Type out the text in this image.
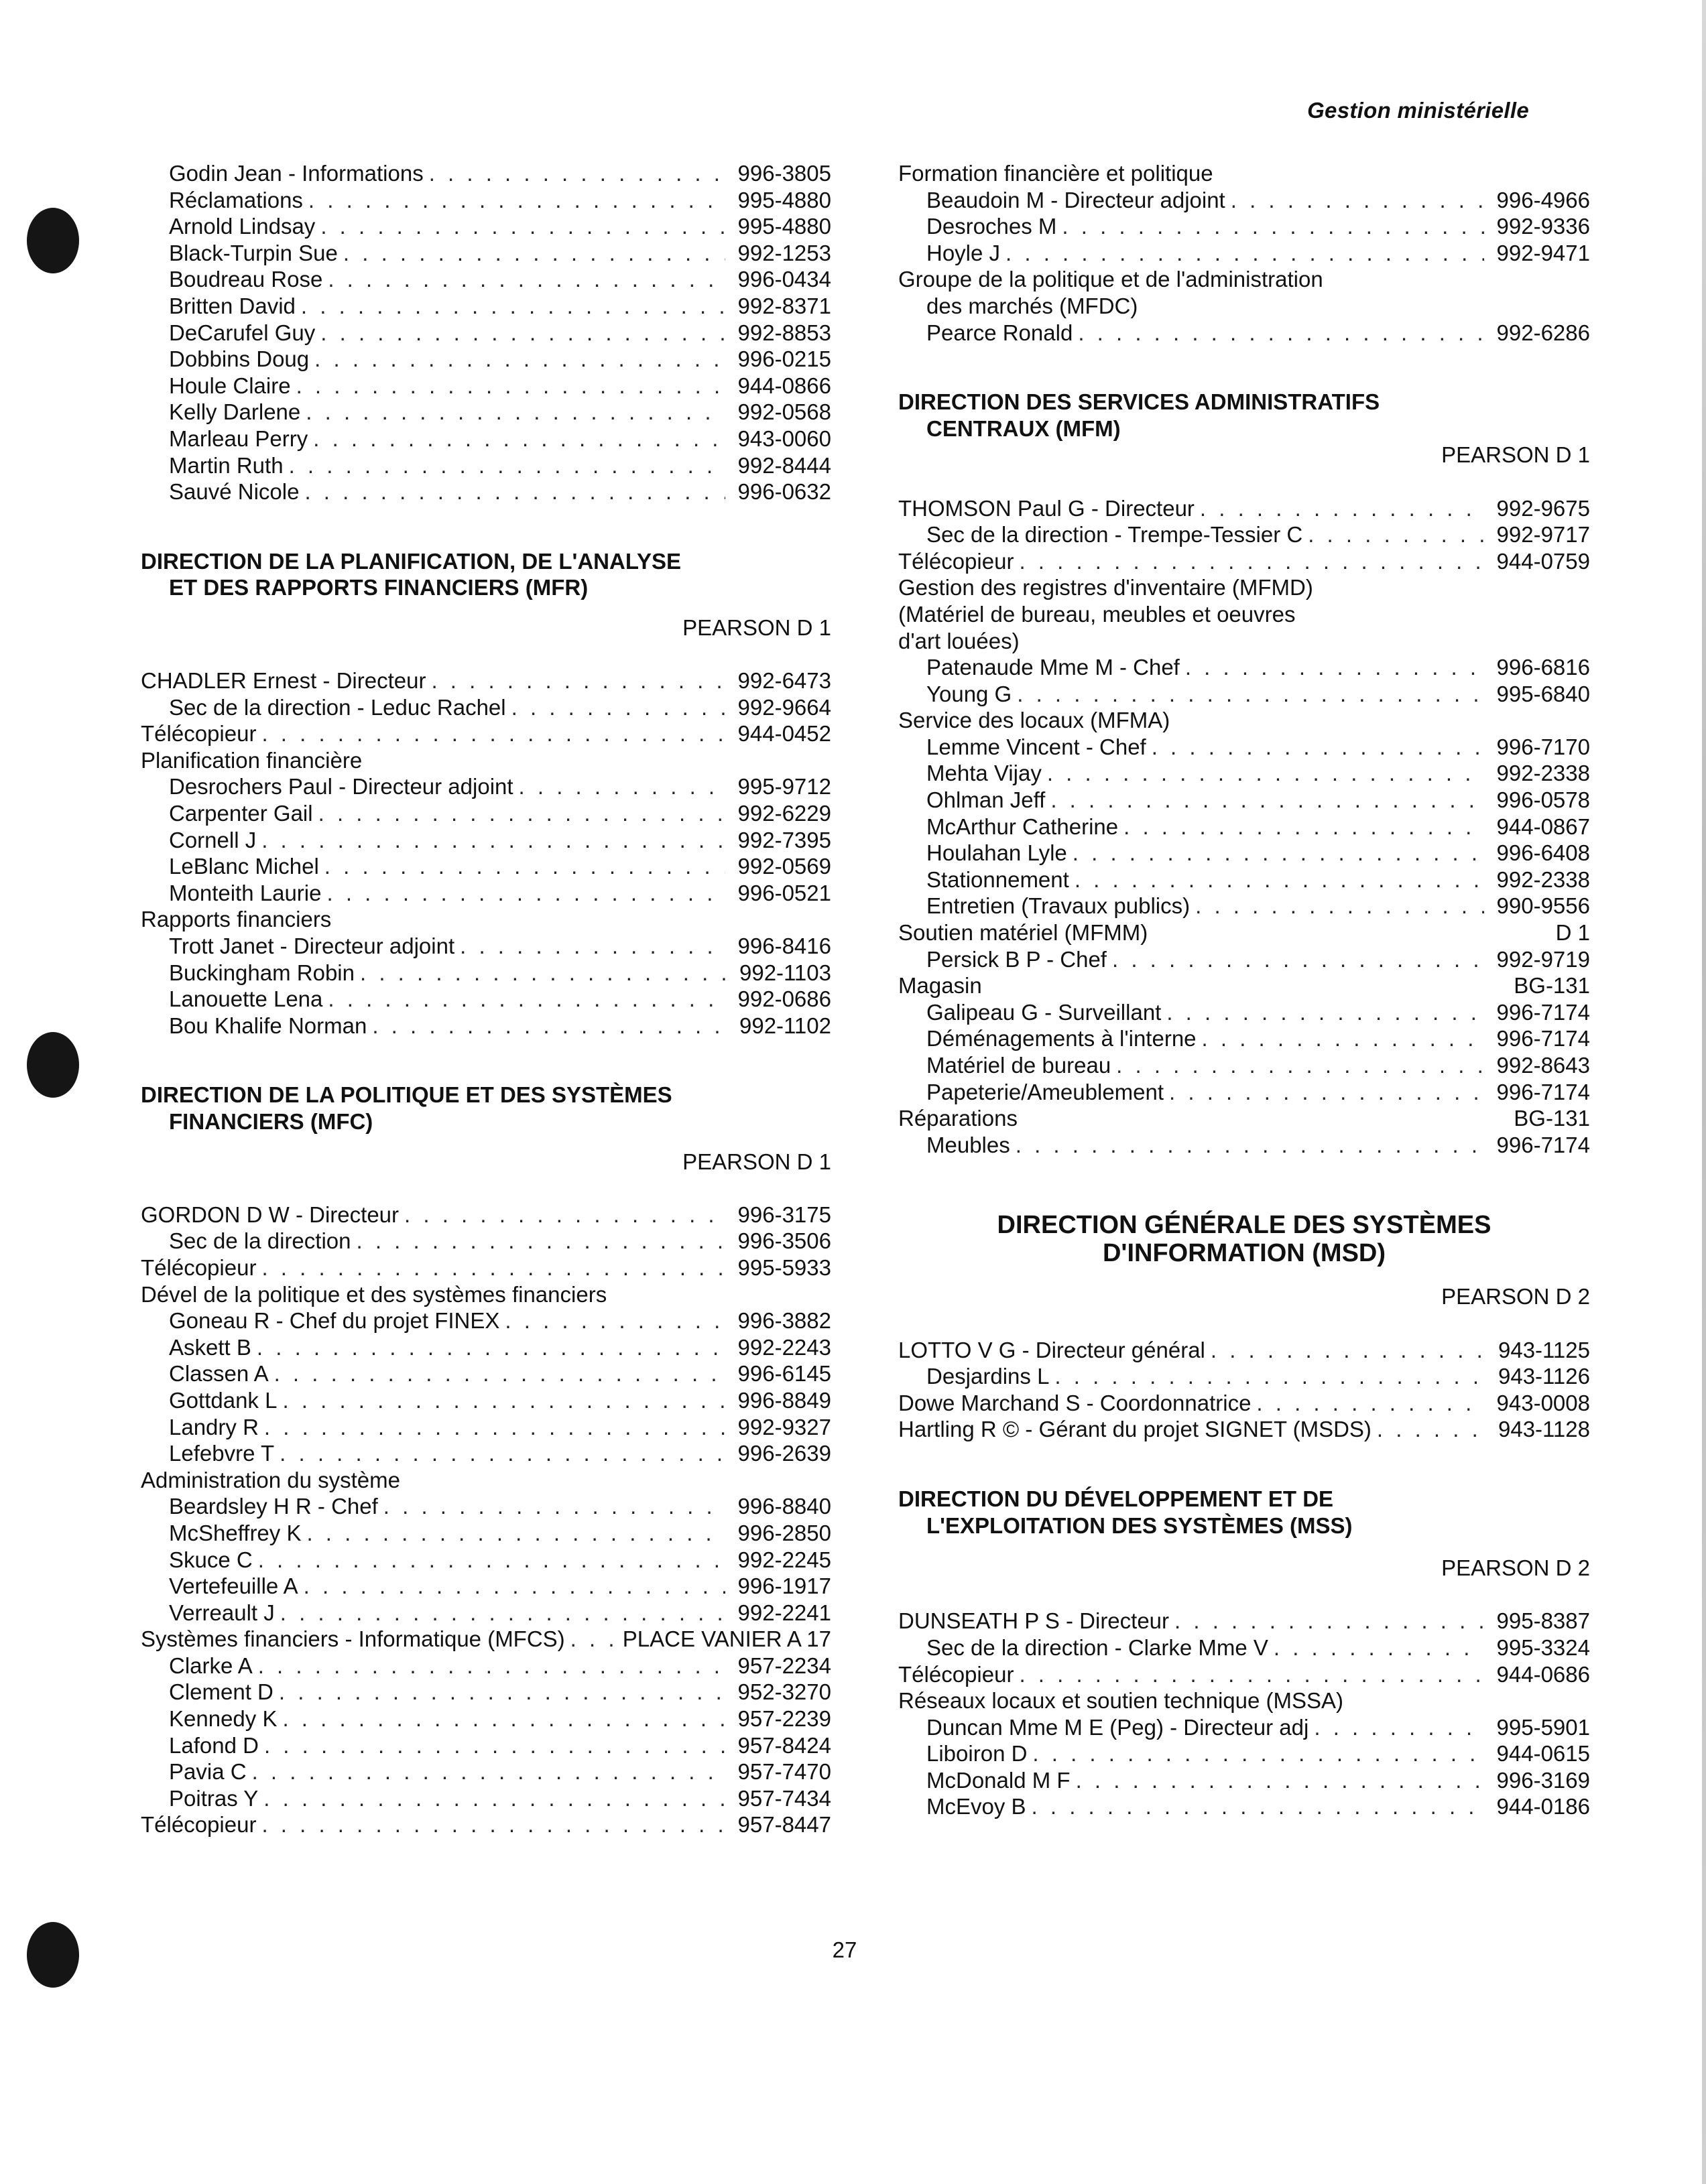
Gestion ministérielle
Godin Jean - Informations . . .	996-3805
Réclamations . . .	995-4880
Arnold Lindsay . . .	995-4880
Black-Turpin Sue . . .	992-1253
Boudreau Rose . . .	996-0434
Britten David . . .	992-8371
DeCarufel Guy . . .	992-8853
Dobbins Doug . . .	996-0215
Houle Claire . . .	944-0866
Kelly Darlene . . .	992-0568
Marleau Perry . . .	943-0060
Martin Ruth . . .	992-8444
Sauvé Nicole . . .	996-0632
DIRECTION DE LA PLANIFICATION, DE L'ANALYSE
ET DES RAPPORTS FINANCIERS (MFR)
PEARSON D 1
CHADLER Ernest - Directeur . . .	992-6473
Sec de la direction - Leduc Rachel . . .	992-9664
Télécopieur . . .	944-0452
Planification financière
Desrochers Paul - Directeur adjoint . . .	995-9712
Carpenter Gail . . .	992-6229
Cornell J . . .	992-7395
LeBlanc Michel . . .	992-0569
Monteith Laurie . . .	996-0521
Rapports financiers
Trott Janet - Directeur adjoint . . .	996-8416
Buckingham Robin . . .	992-1103
Lanouette Lena . . .	992-0686
Bou Khalife Norman . . .	992-1102
DIRECTION DE LA POLITIQUE ET DES SYSTÈMES
FINANCIERS (MFC)
PEARSON D 1
GORDON D W - Directeur . . .	996-3175
Sec de la direction . . .	996-3506
Télécopieur . . .	995-5933
Dével de la politique et des systèmes financiers
Goneau R - Chef du projet FINEX . . .	996-3882
Askett B . . .	992-2243
Classen A . . .	996-6145
Gottdank L . . .	996-8849
Landry R . . .	992-9327
Lefebvre T . . .	996-2639
Administration du système
Beardsley H R - Chef . . .	996-8840
McSheffrey K . . .	996-2850
Skuce C . . .	992-2245
Vertefeuille A . . .	996-1917
Verreault J . . .	992-2241
Systèmes financiers - Informatique (MFCS) . . .	PLACE VANIER A 17
Clarke A . . .	957-2234
Clement D . . .	952-3270
Kennedy K . . .	957-2239
Lafond D . . .	957-8424
Pavia C . . .	957-7470
Poitras Y . . .	957-7434
Télécopieur . . .	957-8447
Formation financière et politique
Beaudoin M - Directeur adjoint . . .	996-4966
Desroches M . . .	992-9336
Hoyle J . . .	992-9471
Groupe de la politique et de l'administration
des marchés (MFDC)
Pearce Ronald . . .	992-6286
DIRECTION DES SERVICES ADMINISTRATIFS
CENTRAUX (MFM)
PEARSON D 1
THOMSON Paul G - Directeur . . .	992-9675
Sec de la direction - Trempe-Tessier C . . .	992-9717
Télécopieur . . .	944-0759
Gestion des registres d'inventaire (MFMD)
(Matériel de bureau, meubles et oeuvres
d'art louées)
Patenaude Mme M - Chef . . .	996-6816
Young G . . .	995-6840
Service des locaux (MFMA)
Lemme Vincent - Chef . . .	996-7170
Mehta Vijay . . .	992-2338
Ohlman Jeff . . .	996-0578
McArthur Catherine . . .	944-0867
Houlahan Lyle . . .	996-6408
Stationnement . . .	992-2338
Entretien (Travaux publics) . . .	990-9556
Soutien matériel (MFMM)	D 1
Persick B P - Chef . . .	992-9719
Magasin	BG-131
Galipeau G - Surveillant . . .	996-7174
Déménagements à l'interne . . .	996-7174
Matériel de bureau . . .	992-8643
Papeterie/Ameublement . . .	996-7174
Réparations	BG-131
Meubles . . .	996-7174
DIRECTION GÉNÉRALE DES SYSTÈMES
D'INFORMATION (MSD)
PEARSON D 2
LOTTO V G - Directeur général . . .	943-1125
Desjardins L . . .	943-1126
Dowe Marchand S - Coordonnatrice . . .	943-0008
Hartling R © - Gérant du projet SIGNET (MSDS) . . .	943-1128
DIRECTION DU DÉVELOPPEMENT ET DE
L'EXPLOITATION DES SYSTÈMES (MSS)
PEARSON D 2
DUNSEATH P S - Directeur . . .	995-8387
Sec de la direction - Clarke Mme V . . .	995-3324
Télécopieur . . .	944-0686
Réseaux locaux et soutien technique (MSSA)
Duncan Mme M E (Peg) - Directeur adj . . .	995-5901
Liboiron D . . .	944-0615
McDonald M F . . .	996-3169
McEvoy B . . .	944-0186
27
